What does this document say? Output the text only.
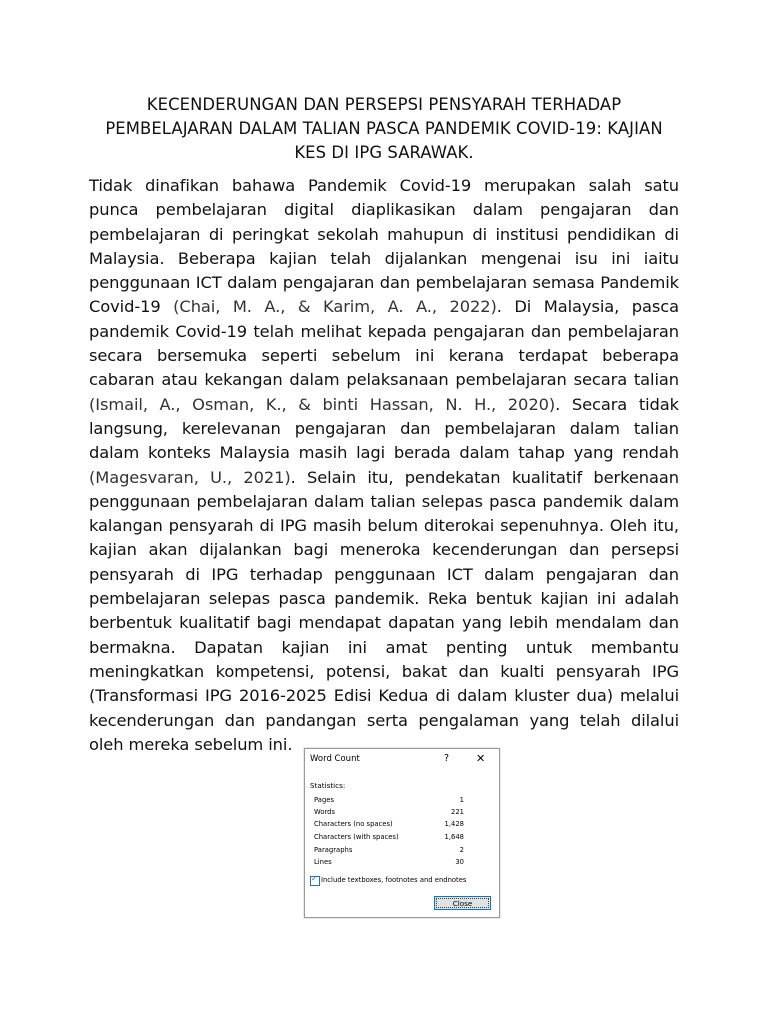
KECENDERUNGAN DAN PERSEPSI PENSYARAH TERHADAP
PEMBELAJARAN DALAM TALIAN PASCA PANDEMIK COVID-19: KAJIAN
KES DI IPG SARAWAK.
Tidak dinafikan bahawa Pandemik Covid-19 merupakan salah satu punca pembelajaran digital diaplikasikan dalam pengajaran dan pembelajaran di peringkat sekolah mahupun di institusi pendidikan di Malaysia. Beberapa kajian telah dijalankan mengenai isu ini iaitu penggunaan ICT dalam pengajaran dan pembelajaran semasa Pandemik Covid-19 (Chai, M. A., & Karim, A. A., 2022). Di Malaysia, pasca pandemik Covid-19 telah melihat kepada pengajaran dan pembelajaran secara bersemuka seperti sebelum ini kerana terdapat beberapa cabaran atau kekangan dalam pelaksanaan pembelajaran secara talian (Ismail, A., Osman, K., & binti Hassan, N. H., 2020). Secara tidak langsung, kerelevanan pengajaran dan pembelajaran dalam talian dalam konteks Malaysia masih lagi berada dalam tahap yang rendah (Magesvaran, U., 2021). Selain itu, pendekatan kualitatif berkenaan penggunaan pembelajaran dalam talian selepas pasca pandemik dalam kalangan pensyarah di IPG masih belum diterokai sepenuhnya. Oleh itu, kajian akan dijalankan bagi meneroka kecenderungan dan persepsi pensyarah di IPG terhadap penggunaan ICT dalam pengajaran dan pembelajaran selepas pasca pandemik. Reka bentuk kajian ini adalah berbentuk kualitatif bagi mendapat dapatan yang lebih mendalam dan bermakna. Dapatan kajian ini amat penting untuk membantu meningkatkan kompetensi, potensi, bakat dan kualti pensyarah IPG (Transformasi IPG 2016-2025 Edisi Kedua di dalam kluster dua) melalui kecenderungan dan pandangan serta pengalaman yang telah dilalui oleh mereka sebelum ini.
Word Count	? ✕
Statistics:
Pages	1
Words	221
Characters (no spaces)	1,428
Characters (with spaces)	1,648
Paragraphs	2
Lines	30
✓ Include textboxes, footnotes and endnotes
Close
